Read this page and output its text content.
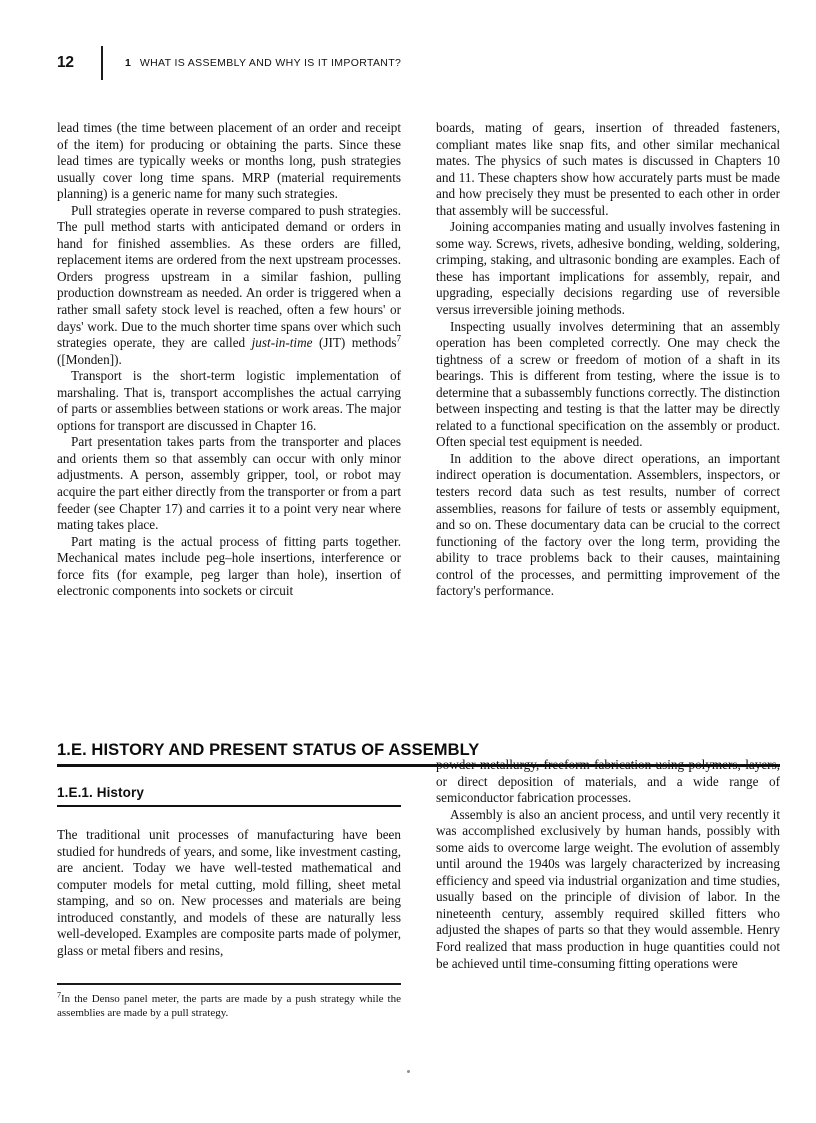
12	1 WHAT IS ASSEMBLY AND WHY IS IT IMPORTANT?

lead times (the time between placement of an order and receipt of the item) for producing or obtaining the parts. Since these lead times are typically weeks or months long, push strategies usually cover long time spans. MRP (material requirements planning) is a generic name for many such strategies.

Pull strategies operate in reverse compared to push strategies. The pull method starts with anticipated demand or orders in hand for finished assemblies. As these orders are filled, replacement items are ordered from the next upstream processes. Orders progress upstream in a similar fashion, pulling production downstream as needed. An order is triggered when a rather small safety stock level is reached, often a few hours' or days' work. Due to the much shorter time spans over which such strategies operate, they are called just-in-time (JIT) methods$^7$ ([Monden]).

Transport is the short-term logistic implementation of marshaling. That is, transport accomplishes the actual carrying of parts or assemblies between stations or work areas. The major options for transport are discussed in Chapter 16.

Part presentation takes parts from the transporter and places and orients them so that assembly can occur with only minor adjustments. A person, assembly gripper, tool, or robot may acquire the part either directly from the transporter or from a part feeder (see Chapter 17) and carries it to a point very near where mating takes place.

Part mating is the actual process of fitting parts together. Mechanical mates include peg–hole insertions, interference or force fits (for example, peg larger than hole), insertion of electronic components into sockets or circuit

boards, mating of gears, insertion of threaded fasteners, compliant mates like snap fits, and other similar mechanical mates. The physics of such mates is discussed in Chapters 10 and 11. These chapters show how accurately parts must be made and how precisely they must be presented to each other in order that assembly will be successful.

Joining accompanies mating and usually involves fastening in some way. Screws, rivets, adhesive bonding, welding, soldering, crimping, staking, and ultrasonic bonding are examples. Each of these has important implications for assembly, repair, and upgrading, especially decisions regarding use of reversible versus irreversible joining methods.

Inspecting usually involves determining that an assembly operation has been completed correctly. One may check the tightness of a screw or freedom of motion of a shaft in its bearings. This is different from testing, where the issue is to determine that a subassembly functions correctly. The distinction between inspecting and testing is that the latter may be directly related to a functional specification on the assembly or product. Often special test equipment is needed.

In addition to the above direct operations, an important indirect operation is documentation. Assemblers, inspectors, or testers record data such as test results, number of correct assemblies, reasons for failure of tests or assembly equipment, and so on. These documentary data can be crucial to the correct functioning of the factory over the long term, providing the ability to trace problems back to their causes, maintaining control of the processes, and permitting improvement of the factory's performance.

1.E. HISTORY AND PRESENT STATUS OF ASSEMBLY
1.E.1. History

The traditional unit processes of manufacturing have been studied for hundreds of years, and some, like investment casting, are ancient. Today we have well-tested mathematical and computer models for metal cutting, mold filling, sheet metal stamping, and so on. New processes and materials are being introduced constantly, and models of these are naturally less well-developed. Examples are composite parts made of polymer, glass or metal fibers and resins,

powder metallurgy, freeform fabrication using polymers, layers, or direct deposition of materials, and a wide range of semiconductor fabrication processes.

Assembly is also an ancient process, and until very recently it was accomplished exclusively by human hands, possibly with some aids to overcome large weight. The evolution of assembly until around the 1940s was largely characterized by increasing efficiency and speed via industrial organization and time studies, usually based on the principle of division of labor. In the nineteenth century, assembly required skilled fitters who adjusted the shapes of parts so that they would assemble. Henry Ford realized that mass production in huge quantities could not be achieved until time-consuming fitting operations were

$^7$In the Denso panel meter, the parts are made by a push strategy while the assemblies are made by a pull strategy.
